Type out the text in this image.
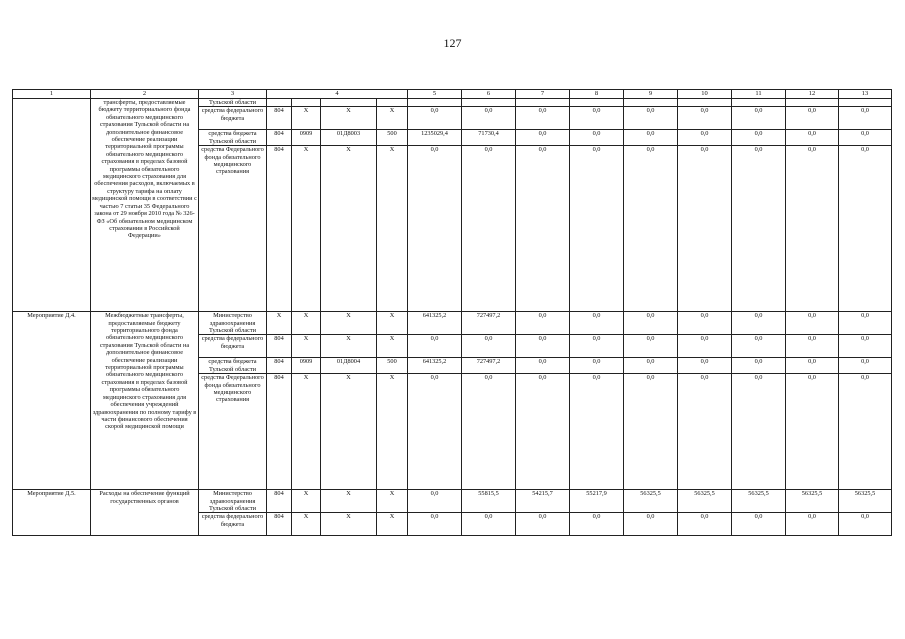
127
1	2	3	4				5	6	7	8	9	10	11	12	13
	трансферты, предоставляемые бюджету территориального фонда обязательного медицинского страхования Тульской области на дополнительное финансовое обеспечение реализации территориальной программы обязательного медицинского страхования в пределах базовой программы обязательного медицинского страхования для обеспечения расходов, включаемых в структуру тарифа на оплату медицинской помощи в соответствии с частью 7 статьи 35 Федерального закона от 29 ноября 2010 года № 326-ФЗ «Об обязательном медицинском страховании в Российской Федерации»	Тульской области													
		средства федерального бюджета	804	Х	Х	Х	0,0	0,0	0,0	0,0	0,0	0,0	0,0	0,0	0,0
		средства бюджета Тульской области	804	0909	01Д8003	500	1235029,4	71730,4	0,0	0,0	0,0	0,0	0,0	0,0	0,0
		средства Федерального фонда обязательного медицинского страхования	804	Х	Х	Х	0,0	0,0	0,0	0,0	0,0	0,0	0,0	0,0	0,0
Мероприятие Д.4.	Межбюджетные трансферты, предоставляемые бюджету территориального фонда обязательного медицинского страхования Тульской области на дополнительное финансовое обеспечение реализации территориальной программы обязательного медицинского страхования в пределах базовой программы обязательного медицинского страхования для обеспечения учреждений здравоохранения по полному тарифу в части финансового обеспечения скорой медицинской помощи	Министерство здравоохранения Тульской области	Х	Х	Х	Х	641325,2	727497,2	0,0	0,0	0,0	0,0	0,0	0,0	0,0
		средства федерального бюджета	804	Х	Х	Х	0,0	0,0	0,0	0,0	0,0	0,0	0,0	0,0	0,0
		средства бюджета Тульской области	804	0909	01Д8004	500	641325,2	727497,2	0,0	0,0	0,0	0,0	0,0	0,0	0,0
		средства Федерального фонда обязательного медицинского страхования	804	Х	Х	Х	0,0	0,0	0,0	0,0	0,0	0,0	0,0	0,0	0,0
Мероприятие Д.5.	Расходы на обеспечение функций государственных органов	Министерство здравоохранения Тульской области	804	Х	Х	Х	0,0	55815,5	54215,7	55217,9	56325,5	56325,5	56325,5	56325,5	56325,5
		средства федерального бюджета	804	Х	Х	Х	0,0	0,0	0,0	0,0	0,0	0,0	0,0	0,0	0,0
